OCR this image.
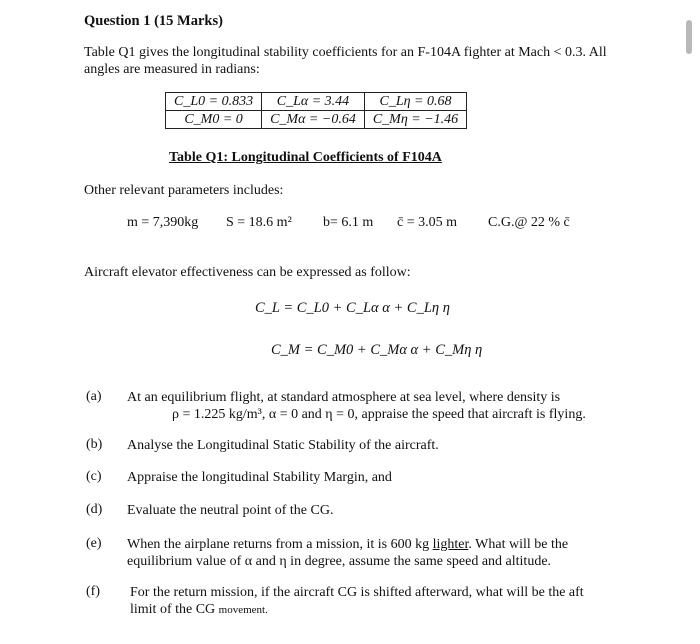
Question 1 (15 Marks)
Table Q1 gives the longitudinal stability coefficients for an F-104A fighter at Mach < 0.3. All
angles are measured in radians:
C_L0 = 0.833	C_Lα = 3.44	C_Lη = 0.68
C_M0 = 0	C_Mα = −0.64	C_Mη = −1.46
Table Q1: Longitudinal Coefficients of F104A
Other relevant parameters includes:
m = 7,390kg S = 18.6 m² b= 6.1 m c̄ = 3.05 m C.G.@ 22 % c̄
Aircraft elevator effectiveness can be expressed as follow:
C_L = C_L0 + C_Lα α + C_Lη η
C_M = C_M0 + C_Mα α + C_Mη η
(a) At an equilibrium flight, at standard atmosphere at sea level, where density is
ρ = 1.225 kg/m³, α = 0 and η = 0, appraise the speed that aircraft is flying.
(b) Analyse the Longitudinal Static Stability of the aircraft.
(c) Appraise the longitudinal Stability Margin, and
(d) Evaluate the neutral point of the CG.
(e) When the airplane returns from a mission, it is 600 kg lighter. What will be the
equilibrium value of α and η in degree, assume the same speed and altitude.
(f) For the return mission, if the aircraft CG is shifted afterward, what will be the aft
limit of the CG movement.
